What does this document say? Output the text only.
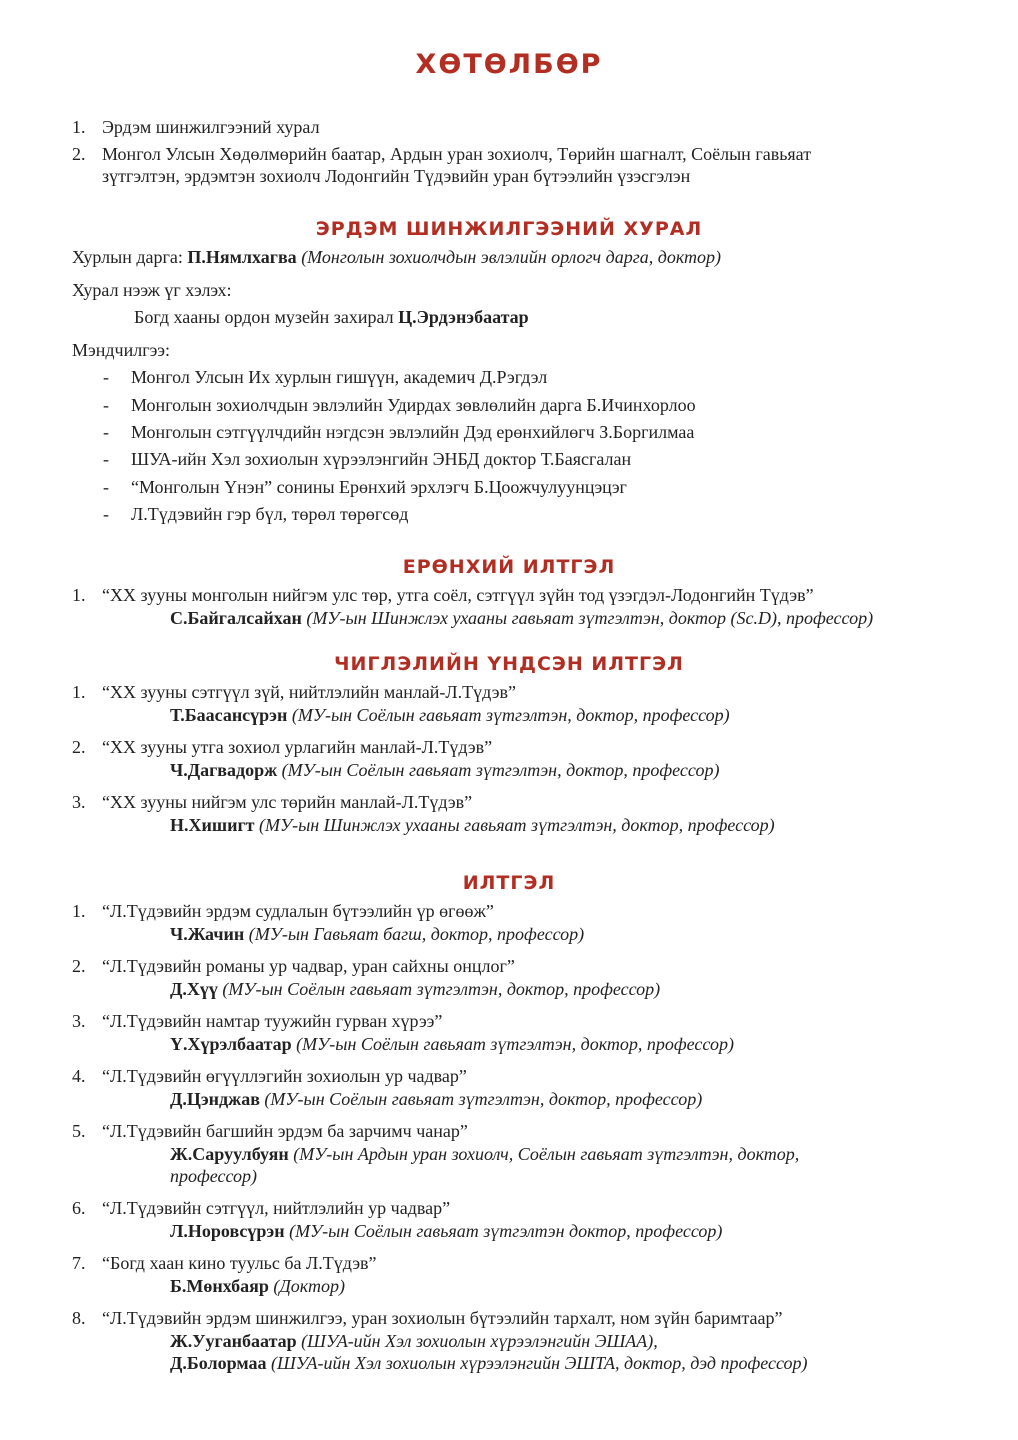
ХӨТӨЛБӨР
1. Эрдэм шинжилгээний хурал
2. Монгол Улсын Хөдөлмөрийн баатар, Ардын уран зохиолч, Төрийн шагналт, Соёлын гавьяат
зүтгэлтэн, эрдэмтэн зохиолч Лодонгийн Түдэвийн уран бүтээлийн үзэсгэлэн
ЭРДЭМ ШИНЖИЛГЭЭНИЙ ХУРАЛ
Хурлын дарга: П.Нямлхагва (Монголын зохиолчдын эвлэлийн орлогч дарга, доктор)
Хурал нээж үг хэлэх:
Богд хааны ордон музейн захирал Ц.Эрдэнэбаатар
Мэндчилгээ:
- Монгол Улсын Их хурлын гишүүн, академич Д.Рэгдэл
- Монголын зохиолчдын эвлэлийн Удирдах зөвлөлийн дарга Б.Ичинхорлоо
- Монголын сэтгүүлчдийн нэгдсэн эвлэлийн Дэд ерөнхийлөгч З.Боргилмаа
- ШУА-ийн Хэл зохиолын хүрээлэнгийн ЭНБД доктор Т.Баясгалан
- “Монголын Үнэн” сонины Ерөнхий эрхлэгч Б.Цоожчулуунцэцэг
- Л.Түдэвийн гэр бүл, төрөл төрөгсөд
ЕРӨНХИЙ ИЛТГЭЛ
1. “XX зууны монголын нийгэм улс төр, утга соёл, сэтгүүл зүйн тод үзэгдэл-Лодонгийн Түдэв”
С.Байгалсайхан (МУ-ын Шинжлэх ухааны гавьяат зүтгэлтэн, доктор (Sc.D), профессор)
ЧИГЛЭЛИЙН ҮНДСЭН ИЛТГЭЛ
1. “XX зууны сэтгүүл зүй, нийтлэлийн манлай-Л.Түдэв”
Т.Баасансүрэн (МУ-ын Соёлын гавьяат зүтгэлтэн, доктор, профессор)
2. “XX зууны утга зохиол урлагийн манлай-Л.Түдэв”
Ч.Дагвадорж (МУ-ын Соёлын гавьяат зүтгэлтэн, доктор, профессор)
3. “XX зууны нийгэм улс төрийн манлай-Л.Түдэв”
Н.Хишигт (МУ-ын Шинжлэх ухааны гавьяат зүтгэлтэн, доктор, профессор)
ИЛТГЭЛ
1. “Л.Түдэвийн эрдэм судлалын бүтээлийн үр өгөөж”
Ч.Жачин (МУ-ын Гавьяат багш, доктор, профессор)
2. “Л.Түдэвийн романы ур чадвар, уран сайхны онцлог”
Д.Хүү (МУ-ын Соёлын гавьяат зүтгэлтэн, доктор, профессор)
3. “Л.Түдэвийн намтар туужийн гурван хүрээ”
Ү.Хүрэлбаатар (МУ-ын Соёлын гавьяат зүтгэлтэн, доктор, профессор)
4. “Л.Түдэвийн өгүүллэгийн зохиолын ур чадвар”
Д.Цэнджав (МУ-ын Соёлын гавьяат зүтгэлтэн, доктор, профессор)
5. “Л.Түдэвийн багшийн эрдэм ба зарчимч чанар”
Ж.Саруулбуян (МУ-ын Ардын уран зохиолч, Соёлын гавьяат зүтгэлтэн, доктор,
профессор)
6. “Л.Түдэвийн сэтгүүл, нийтлэлийн ур чадвар”
Л.Норовсүрэн (МУ-ын Соёлын гавьяат зүтгэлтэн доктор, профессор)
7. “Богд хаан кино туульс ба Л.Түдэв”
Б.Мөнхбаяр (Доктор)
8. “Л.Түдэвийн эрдэм шинжилгээ, уран зохиолын бүтээлийн тархалт, ном зүйн баримтаар”
Ж.Ууганбаатар (ШУА-ийн Хэл зохиолын хүрээлэнгийн ЭШАА),
Д.Болормаа (ШУА-ийн Хэл зохиолын хүрээлэнгийн ЭШТА, доктор, дэд профессор)
